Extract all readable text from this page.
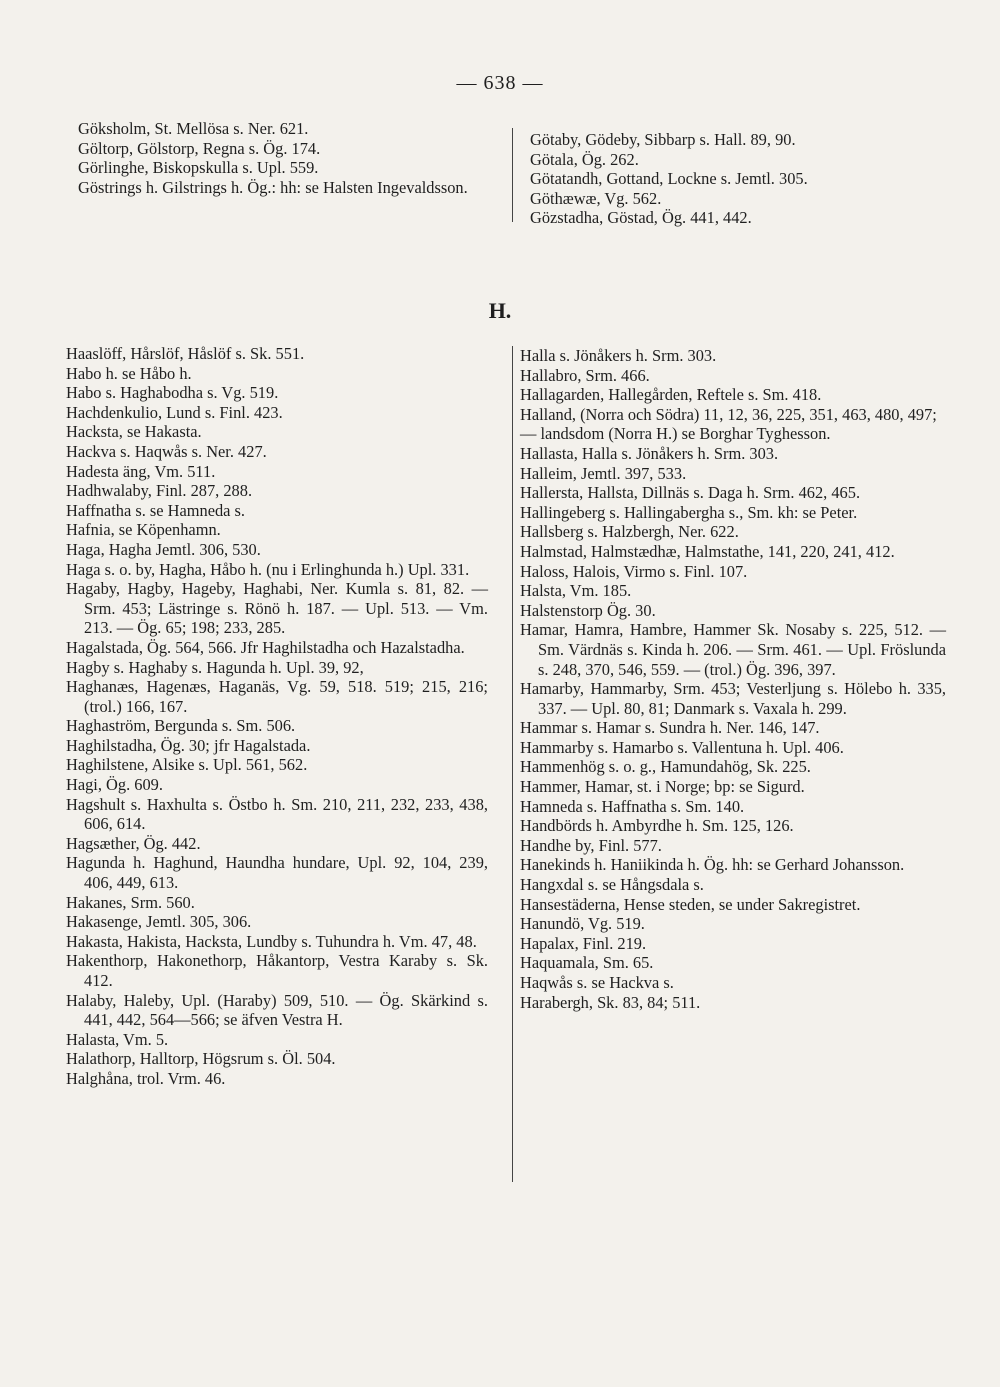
— 638 —
Göksholm, St. Mellösa s. Ner. 621.
Göltorp, Gölstorp, Regna s. Ög. 174.
Görlinghe, Biskopskulla s. Upl. 559.
Göstrings h. Gilstrings h. Ög.: hh: se Halsten Ingevaldsson.
Götaby, Gödeby, Sibbarp s. Hall. 89, 90.
Götala, Ög. 262.
Götatandh, Gottand, Lockne s. Jemtl. 305.
Göthæwæ, Vg. 562.
Gözstadha, Göstad, Ög. 441, 442.
H.
Haaslöff, Hårslöf, Håslöf s. Sk. 551.
Habo h. se Håbo h.
Habo s. Haghabodha s. Vg. 519.
Hachdenkulio, Lund s. Finl. 423.
Hacksta, se Hakasta.
Hackva s. Haqwås s. Ner. 427.
Hadesta äng, Vm. 511.
Hadhwalaby, Finl. 287, 288.
Haffnatha s. se Hamneda s.
Hafnia, se Köpenhamn.
Haga, Hagha Jemtl. 306, 530.
Haga s. o. by, Hagha, Håbo h. (nu i Erlinghunda h.) Upl. 331.
Hagaby, Hagby, Hageby, Haghabi, Ner. Kumla s. 81, 82. — Srm. 453; Lästringe s. Rönö h. 187. — Upl. 513. — Vm. 213. — Ög. 65; 198; 233, 285.
Hagalstada, Ög. 564, 566. Jfr Haghilstadha och Hazalstadha.
Hagby s. Haghaby s. Hagunda h. Upl. 39, 92,
Haghanæs, Hagenæs, Haganäs, Vg. 59, 518. 519; 215, 216; (trol.) 166, 167.
Haghaström, Bergunda s. Sm. 506.
Haghilstadha, Ög. 30; jfr Hagalstada.
Haghilstene, Alsike s. Upl. 561, 562.
Hagi, Ög. 609.
Hagshult s. Haxhulta s. Östbo h. Sm. 210, 211, 232, 233, 438, 606, 614.
Hagsæther, Ög. 442.
Hagunda h. Haghund, Haundha hundare, Upl. 92, 104, 239, 406, 449, 613.
Hakanes, Srm. 560.
Hakasenge, Jemtl. 305, 306.
Hakasta, Hakista, Hacksta, Lundby s. Tuhundra h. Vm. 47, 48.
Hakenthorp, Hakonethorp, Håkantorp, Vestra Karaby s. Sk. 412.
Halaby, Haleby, Upl. (Haraby) 509, 510. — Ög. Skärkind s. 441, 442, 564—566; se äfven Vestra H.
Halasta, Vm. 5.
Halathorp, Halltorp, Högsrum s. Öl. 504.
Halghåna, trol. Vrm. 46.
Halla s. Jönåkers h. Srm. 303.
Hallabro, Srm. 466.
Hallagarden, Hallegården, Reftele s. Sm. 418.
Halland, (Norra och Södra) 11, 12, 36, 225, 351, 463, 480, 497;
— landsdom (Norra H.) se Borghar Tyghesson.
Hallasta, Halla s. Jönåkers h. Srm. 303.
Halleim, Jemtl. 397, 533.
Hallersta, Hallsta, Dillnäs s. Daga h. Srm. 462, 465.
Hallingeberg s. Hallingabergha s., Sm. kh: se Peter.
Hallsberg s. Halzbergh, Ner. 622.
Halmstad, Halmstædhæ, Halmstathe, 141, 220, 241, 412.
Haloss, Halois, Virmo s. Finl. 107.
Halsta, Vm. 185.
Halstenstorp Ög. 30.
Hamar, Hamra, Hambre, Hammer Sk. Nosaby s. 225, 512. — Sm. Värdnäs s. Kinda h. 206. — Srm. 461. — Upl. Fröslunda s. 248, 370, 546, 559. — (trol.) Ög. 396, 397.
Hamarby, Hammarby, Srm. 453; Vesterljung s. Hölebo h. 335, 337. — Upl. 80, 81; Danmark s. Vaxala h. 299.
Hammar s. Hamar s. Sundra h. Ner. 146, 147.
Hammarby s. Hamarbo s. Vallentuna h. Upl. 406.
Hammenhög s. o. g., Hamundahög, Sk. 225.
Hammer, Hamar, st. i Norge; bp: se Sigurd.
Hamneda s. Haffnatha s. Sm. 140.
Handbörds h. Ambyrdhe h. Sm. 125, 126.
Handhe by, Finl. 577.
Hanekinds h. Haniikinda h. Ög. hh: se Gerhard Johansson.
Hangxdal s. se Hångsdala s.
Hansestäderna, Hense steden, se under Sakregistret.
Hanundö, Vg. 519.
Hapalax, Finl. 219.
Haquamala, Sm. 65.
Haqwås s. se Hackva s.
Harabergh, Sk. 83, 84; 511.
